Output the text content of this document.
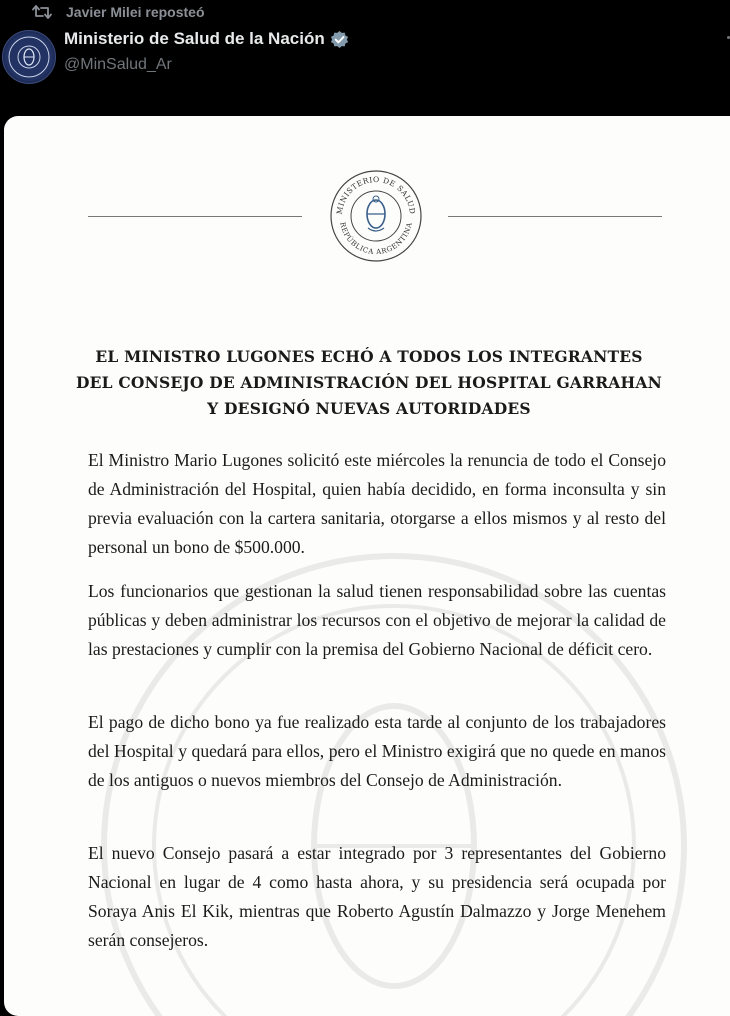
Javier Milei reposteó
Ministerio de Salud de la Nación
@MinSalud_Ar
MINISTERIO DE SALUD
REPÚBLICA ARGENTINA
EL MINISTRO LUGONES ECHÓ A TODOS LOS INTEGRANTES
DEL CONSEJO DE ADMINISTRACIÓN DEL HOSPITAL GARRAHAN
Y DESIGNÓ NUEVAS AUTORIDADES
El Ministro Mario Lugones solicitó este miércoles la renuncia de todo el Consejo de Administración del Hospital, quien había decidido, en forma inconsulta y sin previa evaluación con la cartera sanitaria, otorgarse a ellos mismos y al resto del personal un bono de $500.000.
Los funcionarios que gestionan la salud tienen responsabilidad sobre las cuentas públicas y deben administrar los recursos con el objetivo de mejorar la calidad de las prestaciones y cumplir con la premisa del Gobierno Nacional de déficit cero.
El pago de dicho bono ya fue realizado esta tarde al conjunto de los trabajadores del Hospital y quedará para ellos, pero el Ministro exigirá que no quede en manos de los antiguos o nuevos miembros del Consejo de Administración.
El nuevo Consejo pasará a estar integrado por 3 representantes del Gobierno Nacional en lugar de 4 como hasta ahora, y su presidencia será ocupada por Soraya Anis El Kik, mientras que Roberto Agustín Dalmazzo y Jorge Menehem serán consejeros.
